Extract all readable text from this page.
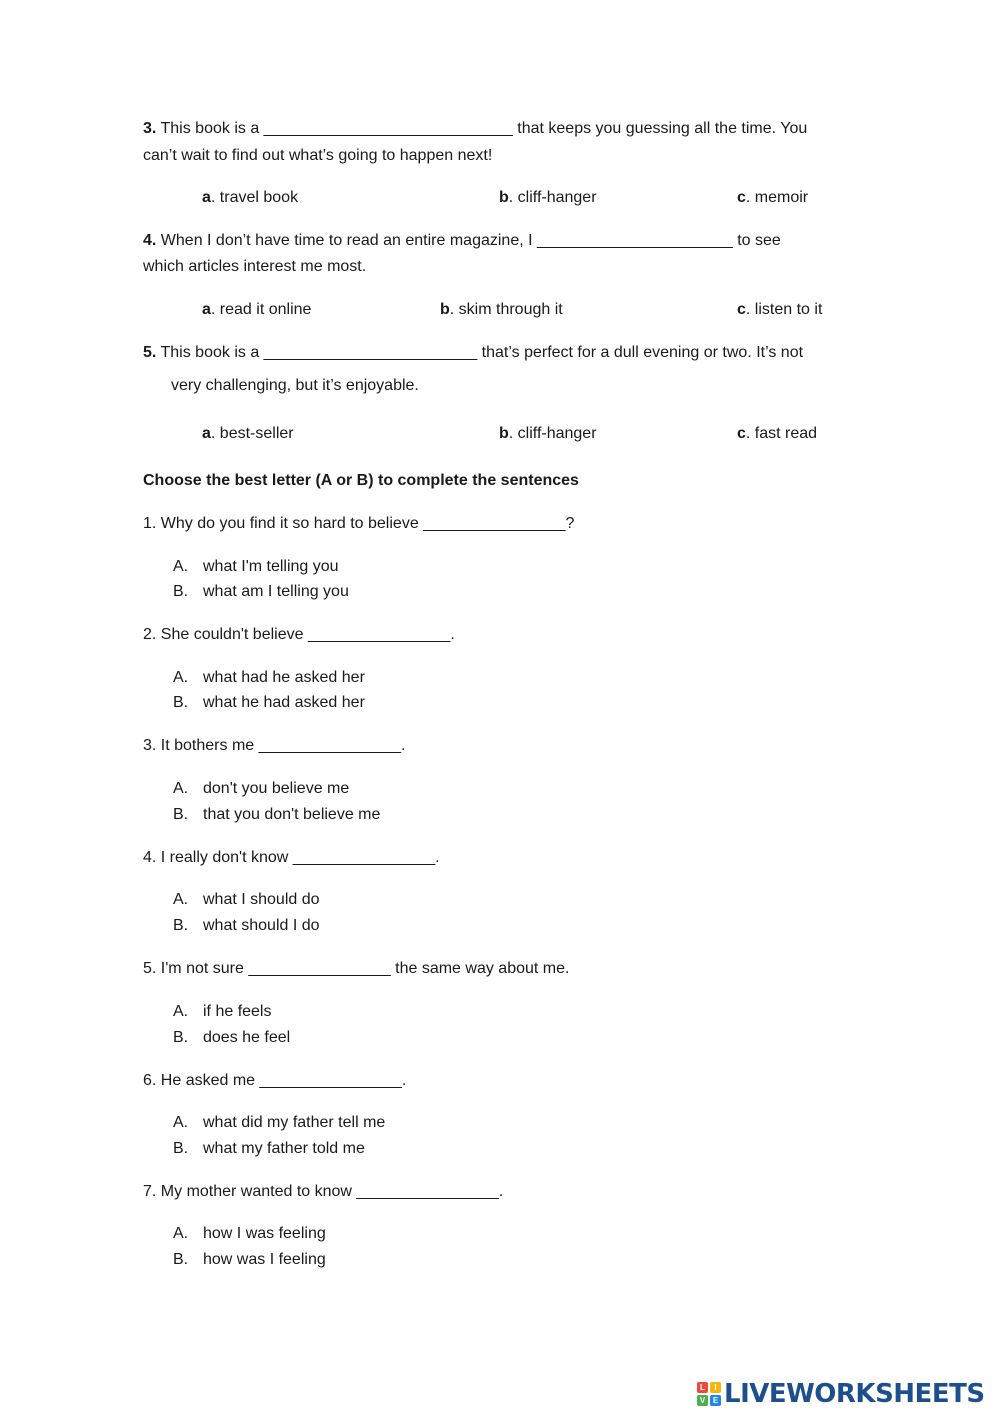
3. This book is a ____________________________ that keeps you guessing all the time. You
can’t wait to find out what’s going to happen next!
a. travel book	b. cliff-hanger	c. memoir
4. When I don’t have time to read an entire magazine, I ______________________ to see
which articles interest me most.
a. read it online	b. skim through it	c. listen to it
5. This book is a ________________________ that’s perfect for a dull evening or two. It’s not
very challenging, but it’s enjoyable.
a. best-seller	b. cliff-hanger	c. fast read
Choose the best letter (A or B) to complete the sentences
1. Why do you find it so hard to believe ________________?
A. what I'm telling you
B. what am I telling you
2. She couldn't believe ________________.
A. what had he asked her
B. what he had asked her
3. It bothers me ________________.
A. don't you believe me
B. that you don't believe me
4. I really don't know ________________.
A. what I should do
B. what should I do
5. I'm not sure ________________ the same way about me.
A. if he feels
B. does he feel
6. He asked me ________________.
A. what did my father tell me
B. what my father told me
7. My mother wanted to know ________________.
A. how I was feeling
B. how was I feeling
L	I
V E LIVEWORKSHEETS
